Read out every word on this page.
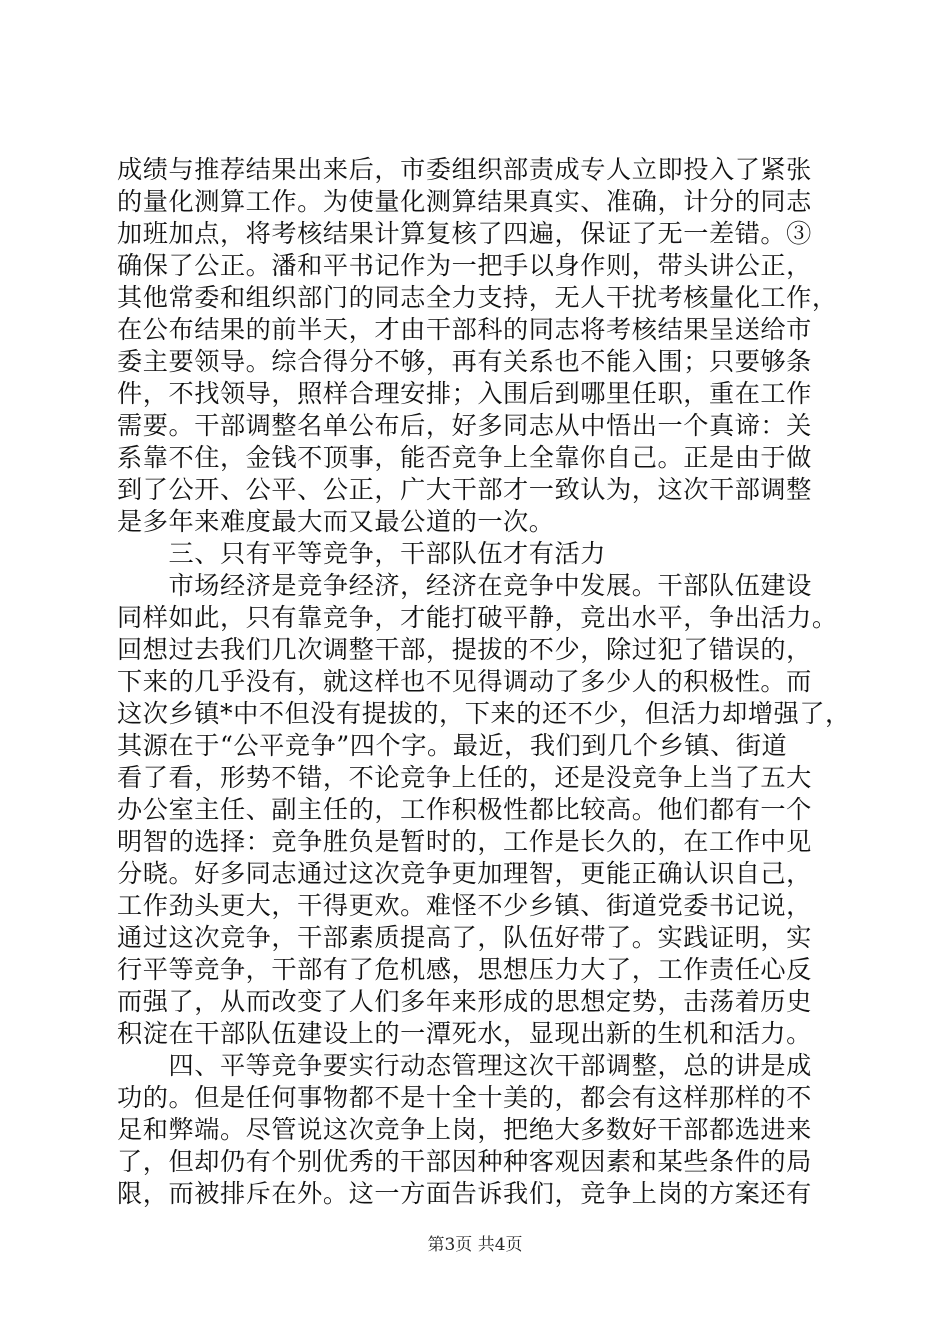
成绩与推荐结果出来后，市委组织部责成专人立即投入了紧张
的量化测算工作。为使量化测算结果真实、准确，计分的同志
加班加点，将考核结果计算复核了四遍，保证了无一差错。③
确保了公正。潘和平书记作为一把手以身作则，带头讲公正，
其他常委和组织部门的同志全力支持，无人干扰考核量化工作，
在公布结果的前半天，才由干部科的同志将考核结果呈送给市
委主要领导。综合得分不够，再有关系也不能入围；只要够条
件，不找领导，照样合理安排；入围后到哪里任职，重在工作
需要。干部调整名单公布后，好多同志从中悟出一个真谛：关
系靠不住，金钱不顶事，能否竞争上全靠你自己。正是由于做
到了公开、公平、公正，广大干部才一致认为，这次干部调整
是多年来难度最大而又最公道的一次。
　　三、只有平等竞争，干部队伍才有活力
　　市场经济是竞争经济，经济在竞争中发展。干部队伍建设
同样如此，只有靠竞争，才能打破平静，竞出水平，争出活力。
回想过去我们几次调整干部，提拔的不少，除过犯了错误的，
下来的几乎没有，就这样也不见得调动了多少人的积极性。而
这次乡镇*中不但没有提拔的，下来的还不少，但活力却增强了，
其源在于“公平竞争”四个字。最近，我们到几个乡镇、街道
看了看，形势不错，不论竞争上任的，还是没竞争上当了五大
办公室主任、副主任的，工作积极性都比较高。他们都有一个
明智的选择：竞争胜负是暂时的，工作是长久的，在工作中见
分晓。好多同志通过这次竞争更加理智，更能正确认识自己，
工作劲头更大，干得更欢。难怪不少乡镇、街道党委书记说，
通过这次竞争，干部素质提高了，队伍好带了。实践证明，实
行平等竞争，干部有了危机感，思想压力大了，工作责任心反
而强了，从而改变了人们多年来形成的思想定势，击荡着历史
积淀在干部队伍建设上的一潭死水，显现出新的生机和活力。
　　四、平等竞争要实行动态管理这次干部调整，总的讲是成
功的。但是任何事物都不是十全十美的，都会有这样那样的不
足和弊端。尽管说这次竞争上岗，把绝大多数好干部都选进来
了，但却仍有个别优秀的干部因种种客观因素和某些条件的局
限，而被排斥在外。这一方面告诉我们，竞争上岗的方案还有
第3页 共4页
